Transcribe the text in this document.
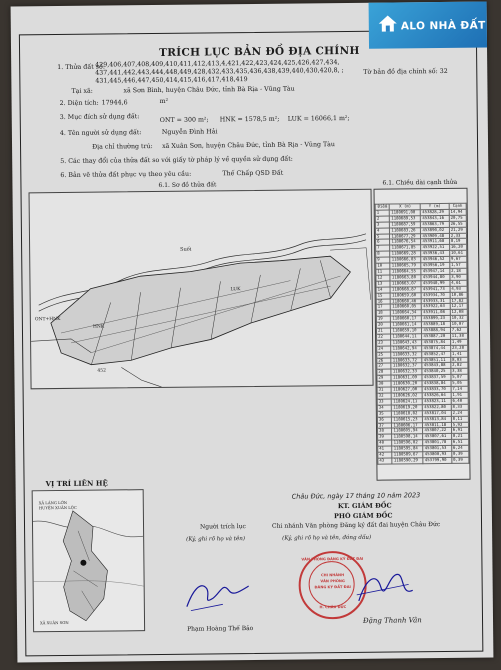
ALO NHÀ ĐẤT
TRÍCH LỤC BẢN ĐỒ ĐỊA CHÍNH
1. Thửa đất số:
429,406,407,408,409,410,411,412,413,4,421,422,423,424,425,426,427,434,
437,441,442,443,444,448,449,428,432,433,435,436,438,439,440,430,420,8, ;
431,445,446,447,450,414,415,416,417,418,419
Tờ bản đồ địa chính số: 32
Tại xã:	xã Sơn Bình, huyện Châu Đức, tỉnh Bà Rịa - Vũng Tàu
2. Diện tích: 17944,6	m²
3. Mục đích sử dụng đất:	ONT = 300 m²; HNK = 1578,5 m²; LUK = 16066,1 m²;
4. Tên người sử dụng đất:	Nguyễn Đình Hải
Địa chỉ thường trú: xã Xuân Sơn, huyện Châu Đức, tỉnh Bà Rịa - Vũng Tàu
5. Các thay đổi của thửa đất so với giấy tờ pháp lý về quyền sử dụng đất:
6. Bản vẽ thửa đất phục vụ theo yêu cầu:	Thế Chấp QSD Đất
6.1. Sơ đồ thửa đất	6.1. Chiều dài cạnh thửa
Suối
ONT+HNK
LUK
HNK
452
Điểm	X (m)	Y (m)	Cạnh
1	1180691,08	453828,29	14,94
2	1180689,53	453843,16	20,75
3	1180687,59	453863,79	26,55
4	1180683,26	453890,02	21,29
5	1180677,29	453909,48	2,33
6	1180676,54	453911,68	8,19
7	1180671,85	453922,51	16,20
8	1180669,28	453936,43	10,61
9	1180666,03	453946,52	9,67
10	1180665,79	453956,19	1,57
11	1180664,55	453947,14	2,18
12	1180663,80	453944,80	3,90
13	1180663,07	453940,99	4,61
14	1180668,87	453941,73	4,93
15	1180659,60	453934,70	10,86
16	1180660,46	453933,31	17,82
17	1180660,05	453922,63	12,17
18	1180664,34	453911,08	12,08
19	1180660,17	453899,23	10,32
20	1180661,14	453889,18	10,07
21	1180659,10	453888,94	7,62
22	1180644,11	453887,20	11,38
23	1180643,43	453875,84	1,49
24	1180642,94	453874,44	23,28
25	1180633,32	453852,47	1,41
26	1180633,72	453851,11	8,03
27	1180632,37	453843,88	2,82
28	1180632,33	453840,25	3,38
29	1180631,09	453837,59	5,07
30	1180630,20	453838,84	5,05
31	1180627,00	453833,70	7,14
32	1180626,02	453826,64	1,91
33	1180624,11	453823,11	6,40
34	1180619,20	453822,80	8,33
35	1180618,02	453817,04	2,24
36	1180615,23	453813,84	8,11
37	1180606,17	453811,18	5,92
38	1180605,94	453807,22	6,91
39	1180598,14	453807,61	8,21
40	1180596,02	453801,78	6,51
41	1180595,84	453801,53	6,24
42	1180589,67	453800,93	0,39
43	1180590,29	453799,90	0,39
VỊ TRÍ LIÊN HỆ
XÃ LÁNG LỚN
HUYỆN XUÂN LỘC
XÃ XUÂN SƠN
Châu Đức, ngày 17 tháng 10 năm 2023
KT. GIÁM ĐỐC
PHÓ GIÁM ĐỐC
Chi nhánh Văn phòng Đăng ký đất đai huyện Châu Đức
(Ký, ghi rõ họ và tên, đóng dấu)
Người trích lục
(Ký, ghi rõ họ và tên)
Phạm Hoàng Thế Bảo
VĂN PHÒNG ĐĂNG KÝ ĐẤT ĐAI
CHI NHÁNH
VĂN PHÒNG
ĐĂNG KÝ ĐẤT ĐAI
H. CHÂU ĐỨC
Đặng Thanh Vân
